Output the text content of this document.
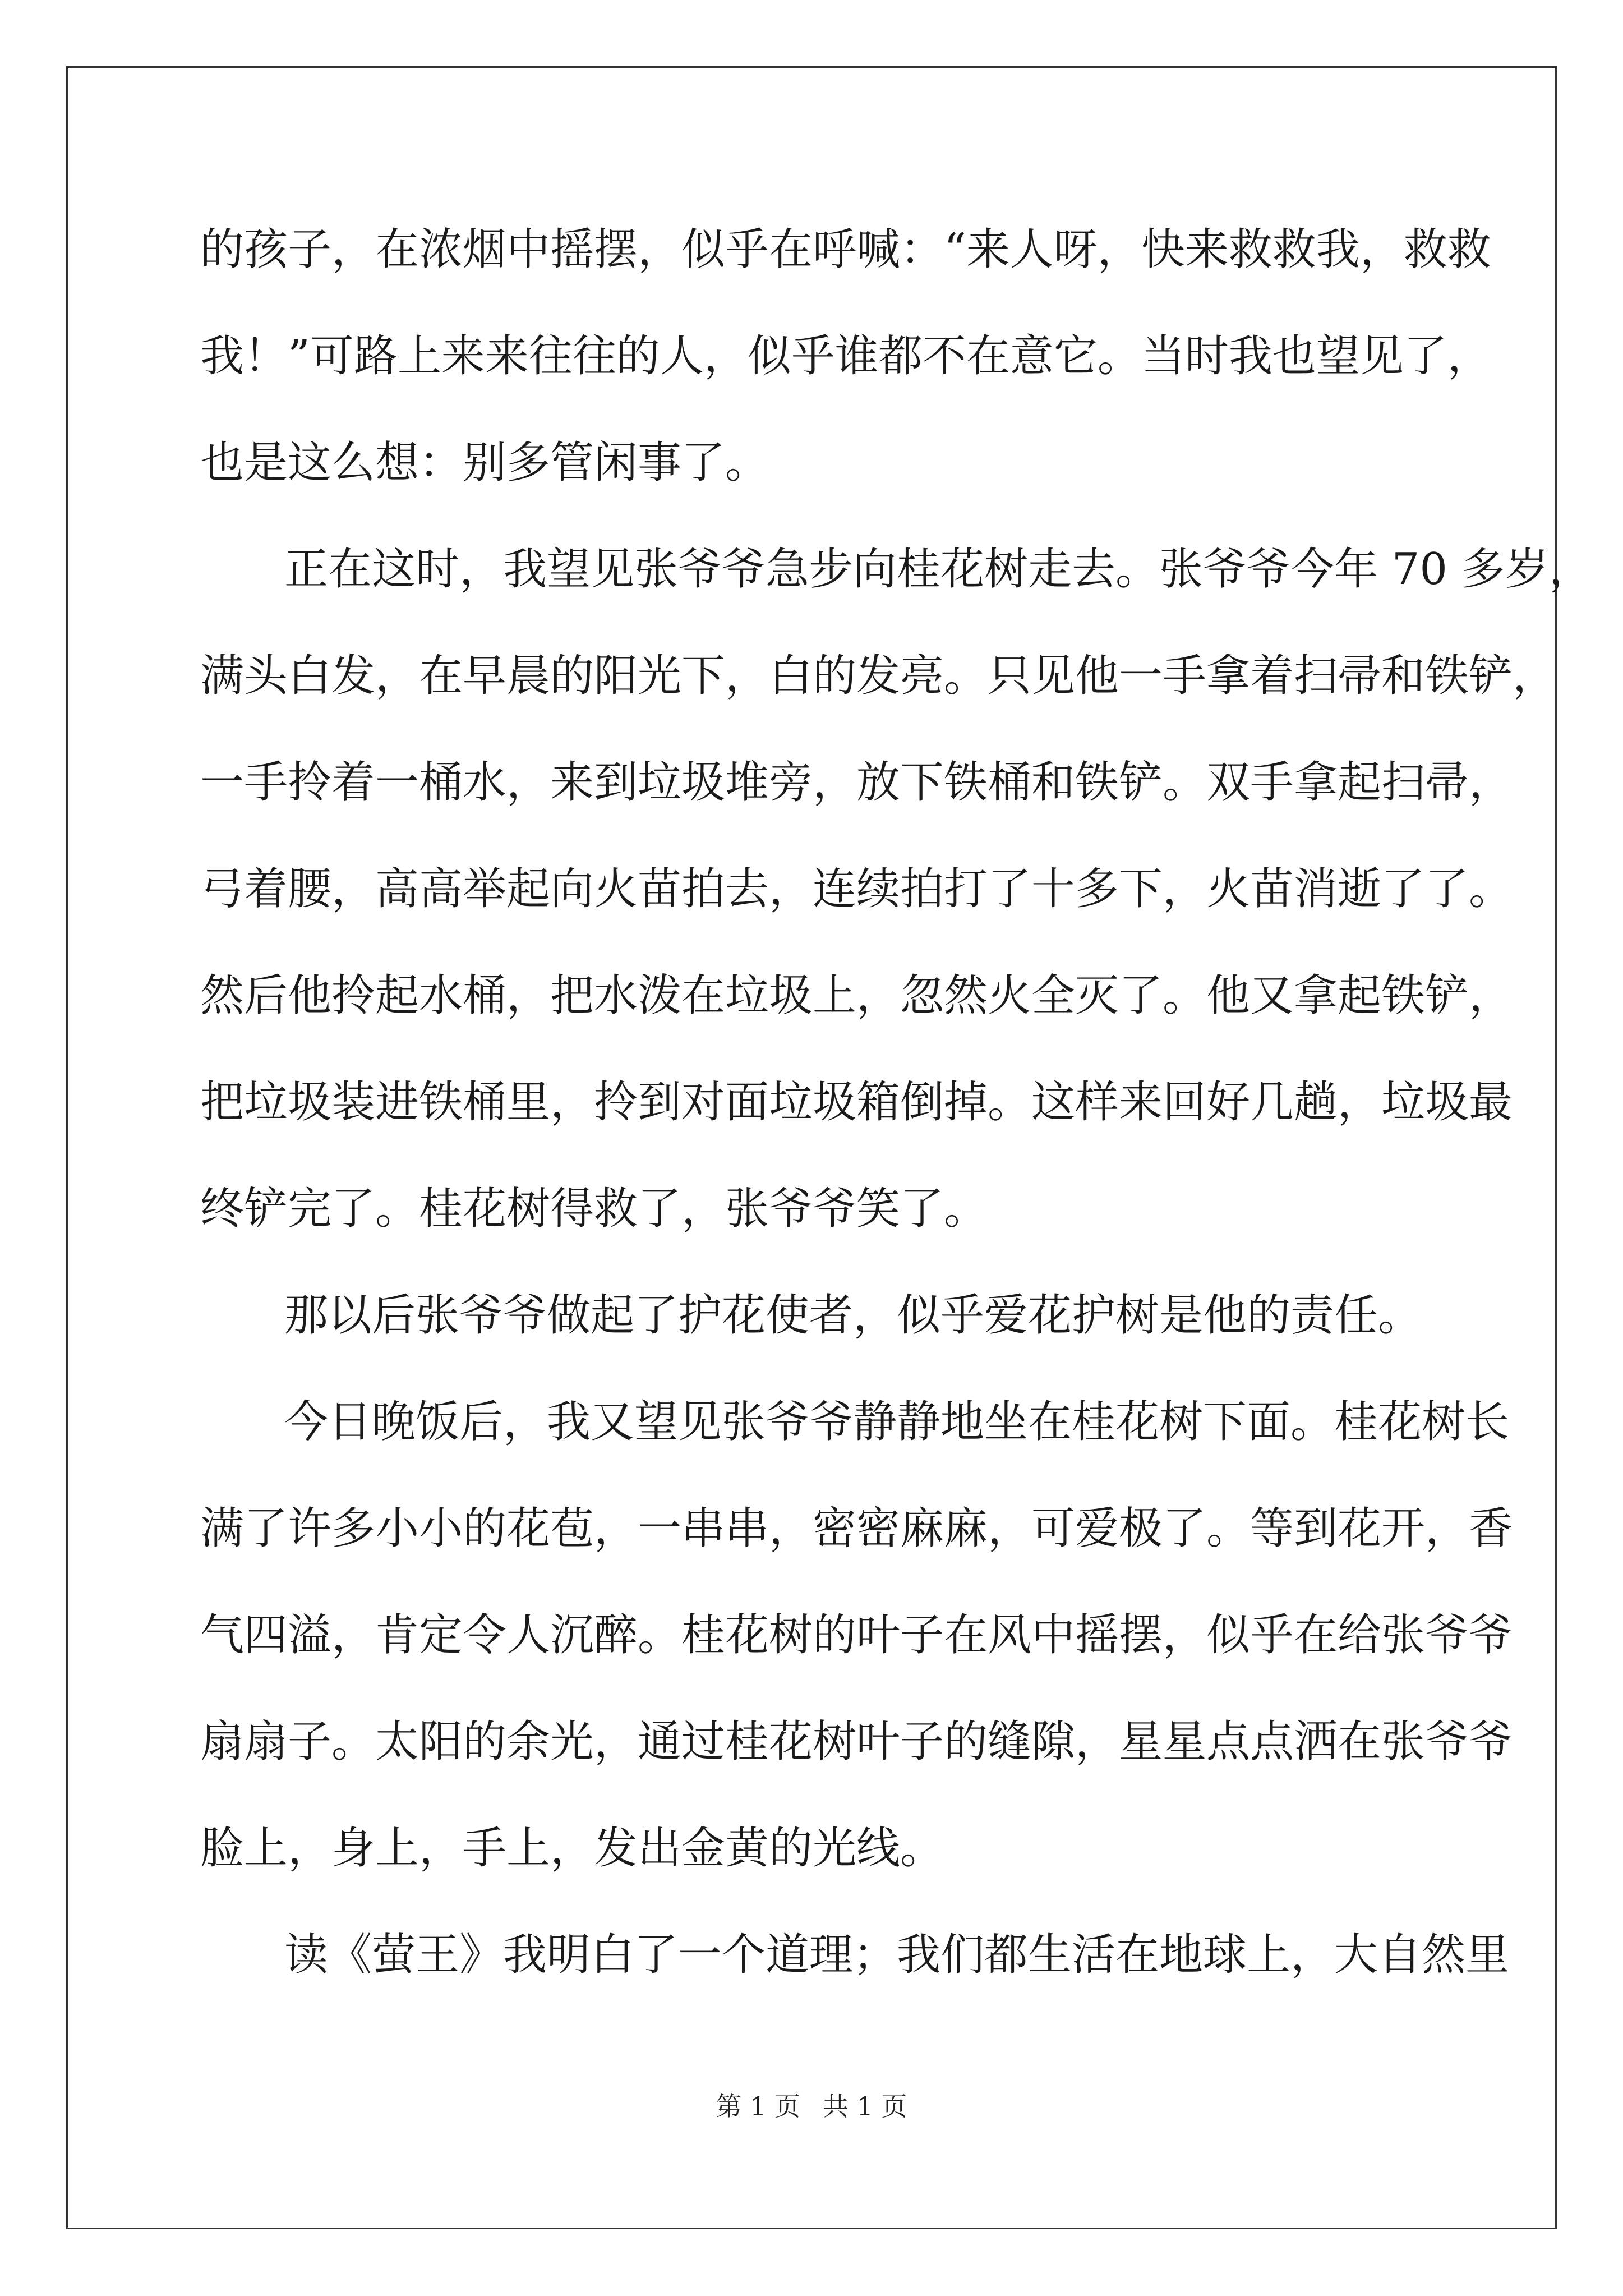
的孩子，在浓烟中摇摆，似乎在呼喊：“来人呀，快来救救我，救救
我！”可路上来来往往的人，似乎谁都不在意它。当时我也望见了，
也是这么想：别多管闲事了。
正在这时，我望见张爷爷急步向桂花树走去。张爷爷今年 70 多岁，
满头白发，在早晨的阳光下，白的发亮。只见他一手拿着扫帚和铁铲，
一手拎着一桶水，来到垃圾堆旁，放下铁桶和铁铲。双手拿起扫帚，
弓着腰，高高举起向火苗拍去，连续拍打了十多下，火苗消逝了了。
然后他拎起水桶，把水泼在垃圾上，忽然火全灭了。他又拿起铁铲，
把垃圾装进铁桶里，拎到对面垃圾箱倒掉。这样来回好几趟，垃圾最
终铲完了。桂花树得救了，张爷爷笑了。
那以后张爷爷做起了护花使者，似乎爱花护树是他的责任。
今日晚饭后，我又望见张爷爷静静地坐在桂花树下面。桂花树长
满了许多小小的花苞，一串串，密密麻麻，可爱极了。等到花开，香
气四溢，肯定令人沉醉。桂花树的叶子在风中摇摆，似乎在给张爷爷
扇扇子。太阳的余光，通过桂花树叶子的缝隙，星星点点洒在张爷爷
脸上，身上，手上，发出金黄的光线。
读《萤王》我明白了一个道理；我们都生活在地球上，大自然里
第 1 页 共 1 页
